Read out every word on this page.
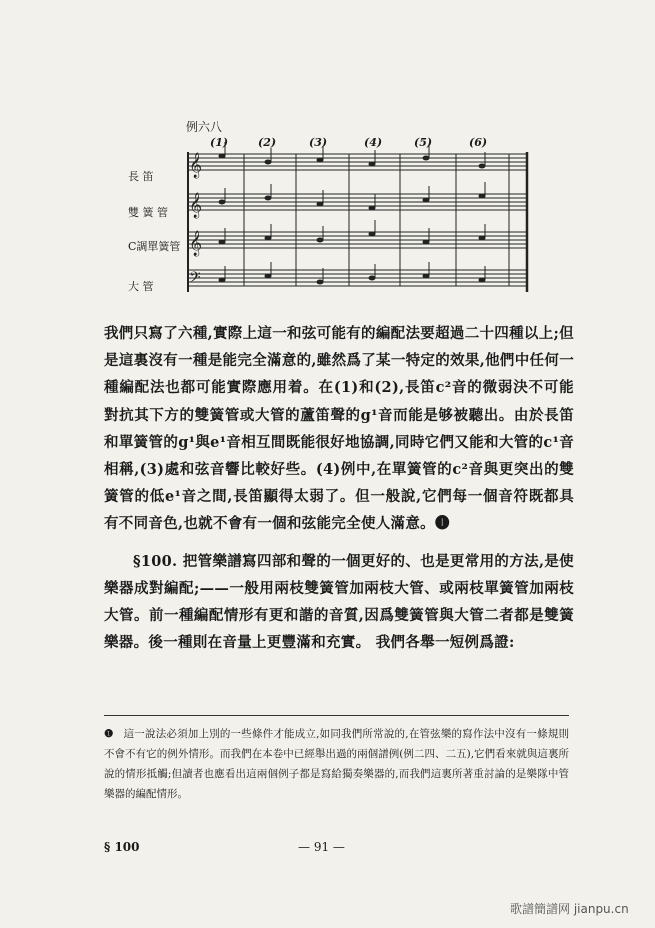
例六八
(1)	(2)	(3)	(4)	(5)	(6)
長 笛
雙 簧 管
C調單簧管
大 管
𝄞
𝄞
𝄞
𝄢

我們只寫了六種,實際上這一和弦可能有的編配法要超過二十四種以上;但是這裏沒有一種是能完全滿意的,雖然爲了某一特定的效果,他們中任何一種編配法也都可能實際應用着。在(1)和(2),長笛c²音的微弱決不可能對抗其下方的雙簧管或大管的蘆笛聲的g¹音而能是够被聽出。由於長笛和單簧管的g¹與e¹音相互間既能很好地協調,同時它們又能和大管的c¹音相稱,(3)處和弦音響比較好些。(4)例中,在單簧管的c²音與更突出的雙簧管的低e¹音之間,長笛顯得太弱了。但一般說,它們每一個音符既都具有不同音色,也就不會有一個和弦能完全使人滿意。❶

§100. 把管樂譜寫四部和聲的一個更好的、也是更常用的方法,是使樂器成對編配;——一般用兩枝雙簧管加兩枝大管、或兩枝單簧管加兩枝大管。前一種編配情形有更和諧的音質,因爲雙簧管與大管二者都是雙簧樂器。後一種則在音量上更豐滿和充實。 我們各舉一短例爲證:

❶ 這一說法必須加上別的一些條件才能成立,如同我們所常說的,在管弦樂的寫作法中沒有一條規則不會不有它的例外情形。而我們在本卷中已經舉出過的兩個譜例(例二四、二五),它們看來就與這裏所說的情形抵觸;但讀者也應看出這兩個例子都是寫給獨奏樂器的,而我們這裏所著重討論的是樂隊中管樂器的編配情形。
§ 100	— 91 —
歌譜簡譜网 jianpu.cn
